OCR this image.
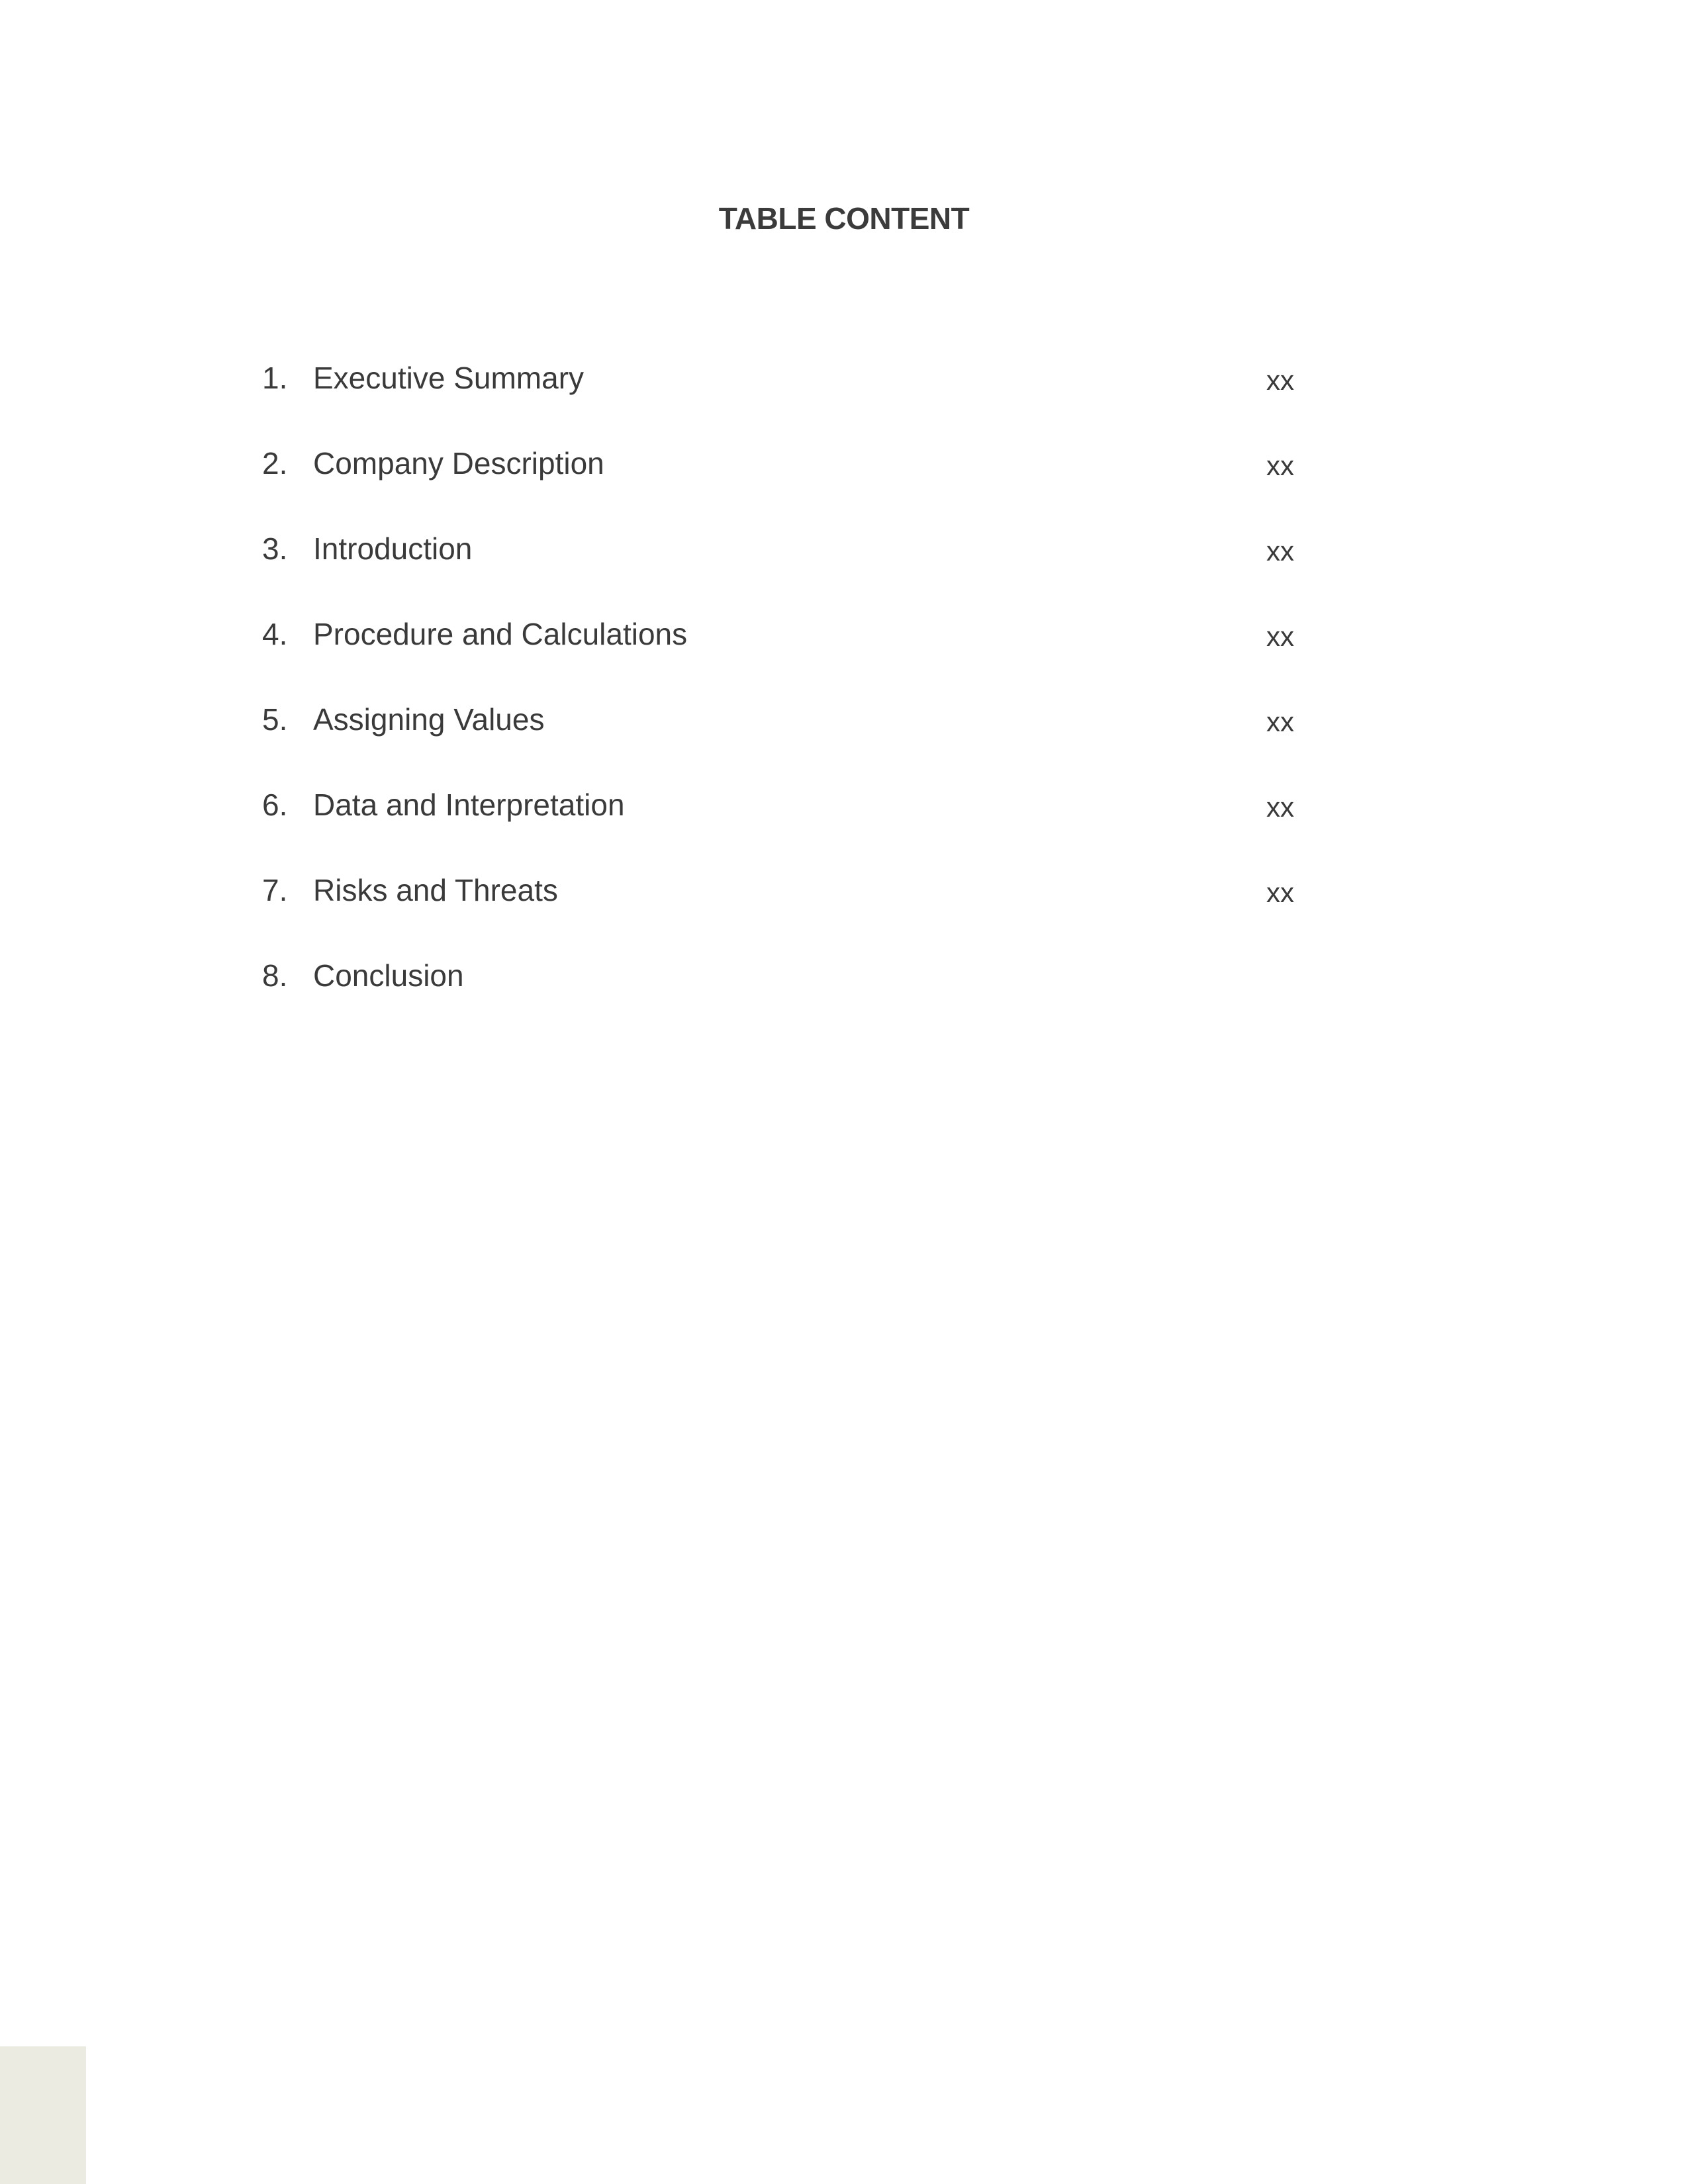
TABLE CONTENT
1. Executive Summary	xx
2. Company Description	xx
3. Introduction	xx
4. Procedure and Calculations	xx
5. Assigning Values	xx
6. Data and Interpretation	xx
7. Risks and Threats	xx
8. Conclusion
